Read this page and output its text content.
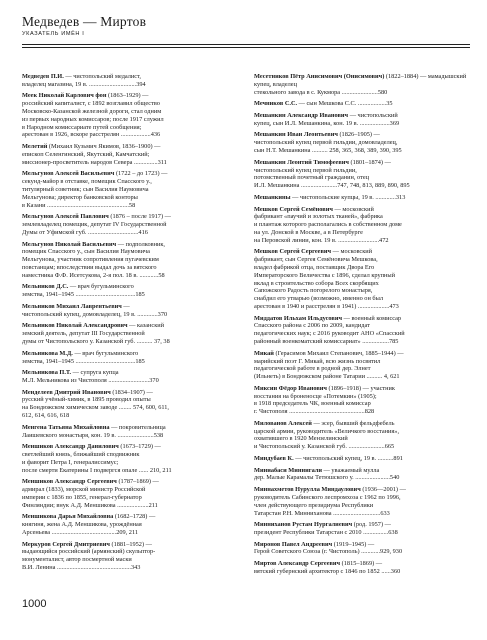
Медведев — Миртов
УКАЗАТЕЛЬ ИМЁН I

Медведев П.И. — чистопольский медалист,

владелец магазина, 19 в. ..............................394

Меек Николай Карлович фон (1863–1929) —

российский капиталист, с 1892 возглавил общество

Московско-Казанской железной дороги, стал одним

из первых народных комиссаров; после 1917 служил

в Народном комиссариате путей сообщения;

арестован в 1926, вскоре расстрелян ...................436

Мелетий (Михаил Кузьмич Якимов, 1836–1900) —

епископ Селенгинский, Якутский, Камчатский;

миссионер-просветитель народов Севера ...............311

Мельгунов Алексей Васильевич (1722 – до 1723) —

секунд-майор в отставке, помещик Спасского у.,

титулярный советник; сын Василия Наумовича

Мельгунова; директор банковской конторы

в Казани ....................................................58

Мельгунов Алексей Павлович (1876 – после 1917) —

землевладелец помещик, депутат IV Государственной

Думы от Уфимской губ. ................................416

Мельгунов Николай Васильевич — подполковник,

помещик Спасского у., сын Василия Наумовича

Мельгунова, участник сопротивления пугачевским

повстанцам; впоследствии выдал дочь за вятского

наместника Ф.Ф. Исетсукова, 2-я пол. 18 в. ............58

Мельников Д.С. — врач бугульминского

земства, 1941–1945 ......................................185

Мельников Михаил Лаврентьевич —

чистопольский купец, домовладелец, 19 в. .............370

Мельников Николай Александрович — казанский

земский деятель, депутат III Государственной

думы от Чистопольского у. Казанской губ. .......... 37, 38

Мельникова М.Д. — врач бугульминского

земства, 1941–1945 ......................................185

Мельникова П.Т. — супруга купца

М.Л. Мельникова из Чистополя ..........................370

Менделеев Дмитрий Иванович (1834–1907) —

русский учёный-химик, в 1895 проводил опыты

на Бондюжском химическом заводе ........ 574, 600, 611,

612, 614, 616, 618

Менгена Татьяна Михайловна — покровительница

Лаишевского монастыря, кон. 19 в. .......................538

Меншиков Александр Данилович (1673–1729) —

светлейший князь, ближайший сподвижник

и фаворит Петра I, генералиссимус;

после смерти Екатерины I подвергся опале ...... 210, 211

Меншиков Александр Сергеевич (1787–1869) —

адмирал (1833), морской министр Российской

империи с 1836 по 1855, генерал-губернатор

Финляндии; внук А.Д. Меншикова ....................211

Меншикова Дарья Михайловна (1682–1728) —

княгиня, жена А.Д. Меншикова, урождённая

Арсеньева .........................................209, 211

Меркуров Сергей Дмитриевич (1881–1952) —

выдающийся российский (армянский) скульптор-

монументалист, автор посмертной маски

В.И. Ленина ...............................................343

Месетников Пётр Анисимович (Онисимович) (1822–1884) — мамадышский купец, владелец

стекольного завода в с. Кукмора .......................580

Мечников С.С. — сын Мешкова С.С. ..................35

Мешанкин Александр Иванович — чистопольский

купец, сын И.Л. Мешанкина, кон. 19 в. ...................369

Мешанкин Иван Леонтьевич (1826–1905) —

чистопольский купец первой гильдии, домовладелец,

сын Н.Т. Мешанкина .......... 258, 365, 368, 389, 390, 395

Мешанкин Леонтий Тимофеевич (1801–1874) —

чистопольский купец первой гильдии,

потомственный почетный гражданин, отец

И.Л. Мешанкина .......................747, 748, 813, 889, 890, 895

Мешанкины — чистопольские купцы, 19 в. .............313

Мешков Сергей Семёнович — московский

фабрикант «паучий и золотых тканей», фабрика

и плантаж которого располагались в собственном доме

на ул. Донской в Москве, а в Петербурге

на Перовской линии, кон. 19 в. ..........................472

Мешков Сергей Сергеевич — московский

фабрикант, сын Сергея Семёновича Мешкова,

владел фабрикой отца, поставщик Двора Его

Императорского Величества с 1896, сделал крупный

вклад в строительство собора Всех скорбящих

Сапожского Радость погорелого монастыря,

снабдил его утварью (возможно, именно он был

арестован в 1940 и расстрелян в 1941) ....................473

Миддатов Ильхам Ильдусович — военный комиссар

Спасского района с 2006 по 2009, кандидат

педагогических наук; с 2016 руководит АНО «Спасский

районный военкоматский комиссариат» .................785

Микай (Герасимов Михаил Степанович, 1885–1944) —

марийский поэт Г. Микай, всю жизнь посвятил

педагогической работе в родной дер. Элнет

(Ильнеть) в Бондюжском районе Татарии .......... 4, 621

Миксин Фёдор Иванович (1896–1918) — участник

восстания на броненосце «Потемкин» (1905);

в 1918 председатель ЧК, военный комиссар

г. Чистополя ................................................828

Милованов Алексей — эсер, бывший фельдфебель

царской армии, руководитель «Величкого восстания»,

охватившего в 1920 Мензелинский

и Чистопольский у. Казанской губ. .......................665

Миндубаев К. — чистопольский купец, 19 в. ..........891

Миниабаси Миннигали — уважаемый мулла

дер. Малые Карамалы Тетюшского у. ......................540

Миннахметов Нурулла Миндаулович (1936—2001) —

руководитель Сабинского леспромхоза с 1962 по 1996,

член действующего президиума Республики

Татарстан Р.Н. Минниханова ..............................633

Минниханов Рустам Нургалиевич (род. 1957) —

президент Республики Татарстан с 2010 ................638

Миронов Павел Андреевич (1919–1945) —

Герой Советского Союза (г. Чистополь) ............929, 930

Миртов Александр Сергеевич (1815–1869) —

вятский губернский архитектор с 1846 по 1852 ......360

1000
